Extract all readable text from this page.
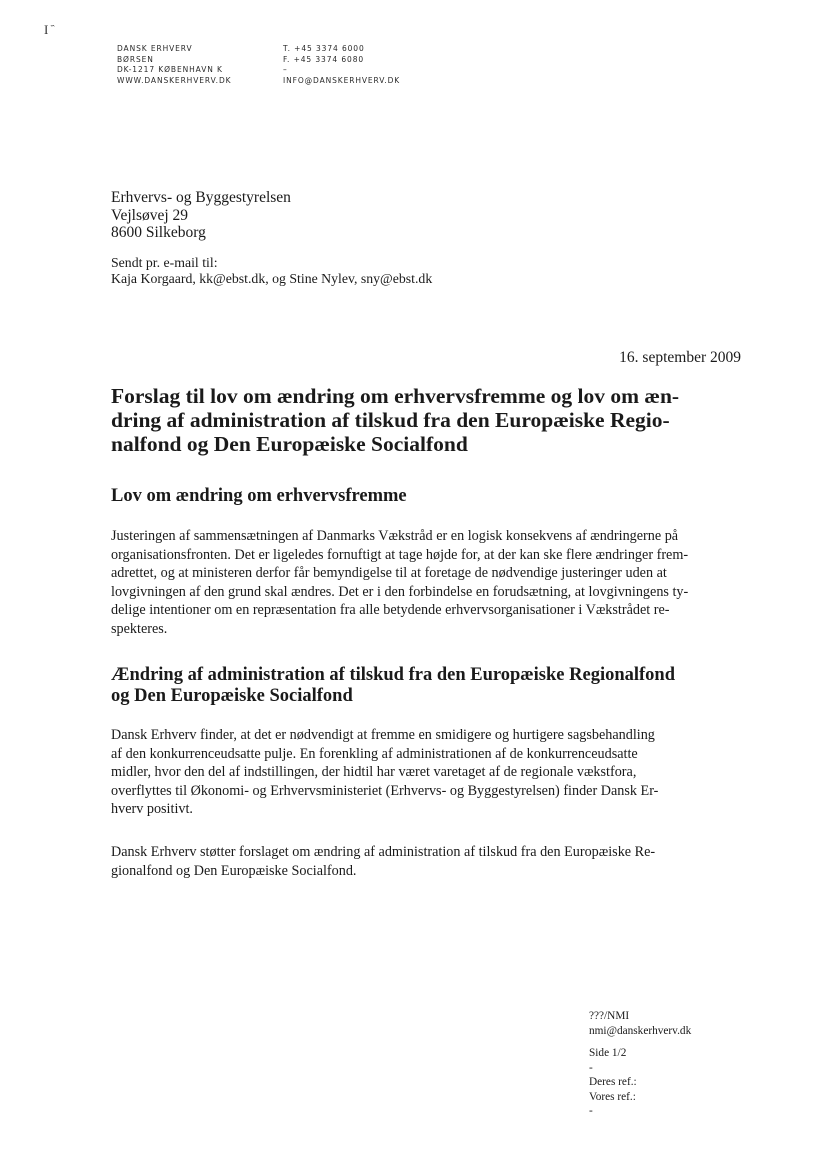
I ᷈
DANSK ERHVERV
BØRSEN
DK-1217 KØBENHAVN K
WWW.DANSKERHVERV.DK
T. +45 3374 6000
F. +45 3374 6080
–
INFO@DANSKERHVERV.DK
Erhvervs- og Byggestyrelsen
Vejlsøvej 29
8600 Silkeborg
Sendt pr. e-mail til:
Kaja Korgaard, kk@ebst.dk, og Stine Nylev, sny@ebst.dk
16. september 2009
Forslag til lov om ændring om erhvervsfremme og lov om æn-
dring af administration af tilskud fra den Europæiske Regio-
nalfond og Den Europæiske Socialfond
Lov om ændring om erhvervsfremme
Justeringen af sammensætningen af Danmarks Vækstråd er en logisk konsekvens af ændringerne på
organisationsfronten. Det er ligeledes fornuftigt at tage højde for, at der kan ske flere ændringer frem-
adrettet, og at ministeren derfor får bemyndigelse til at foretage de nødvendige justeringer uden at
lovgivningen af den grund skal ændres. Det er i den forbindelse en forudsætning, at lovgivningens ty-
delige intentioner om en repræsentation fra alle betydende erhvervsorganisationer i Vækstrådet re-
spekteres.
Ændring af administration af tilskud fra den Europæiske Regionalfond
og Den Europæiske Socialfond
Dansk Erhverv finder, at det er nødvendigt at fremme en smidigere og hurtigere sagsbehandling
af den konkurrenceudsatte pulje. En forenkling af administrationen af de konkurrenceudsatte
midler, hvor den del af indstillingen, der hidtil har været varetaget af de regionale vækstfora,
overflyttes til Økonomi- og Erhvervsministeriet (Erhvervs- og Byggestyrelsen) finder Dansk Er-
hverv positivt.
Dansk Erhverv støtter forslaget om ændring af administration af tilskud fra den Europæiske Re-
gionalfond og Den Europæiske Socialfond.
???/NMI
nmi@danskerhverv.dk
Side 1/2
-
Deres ref.:
Vores ref.:
-
